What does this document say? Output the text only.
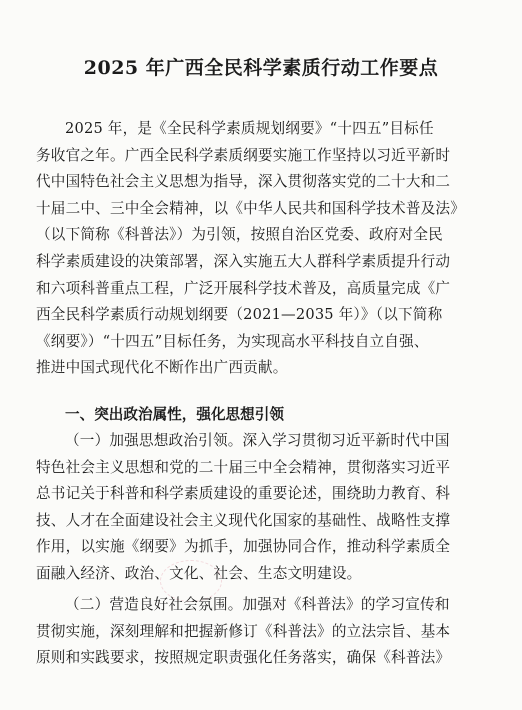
2025 年广西全民科学素质行动工作要点
2025 年，是《全民科学素质规划纲要》“十四五”目标任
务收官之年。广西全民科学素质纲要实施工作坚持以习近平新时
代中国特色社会主义思想为指导，深入贯彻落实党的二十大和二
十届二中、三中全会精神，以《中华人民共和国科学技术普及法》
（以下简称《科普法》）为引领，按照自治区党委、政府对全民
科学素质建设的决策部署，深入实施五大人群科学素质提升行动
和六项科普重点工程，广泛开展科学技术普及，高质量完成《广
西全民科学素质行动规划纲要（2021—2035 年）》（以下简称
《纲要》）“十四五”目标任务，为实现高水平科技自立自强、
推进中国式现代化不断作出广西贡献。
一、突出政治属性，强化思想引领
（一）加强思想政治引领。深入学习贯彻习近平新时代中国
特色社会主义思想和党的二十届三中全会精神，贯彻落实习近平
总书记关于科普和科学素质建设的重要论述，围绕助力教育、科
技、人才在全面建设社会主义现代化国家的基础性、战略性支撑
作用，以实施《纲要》为抓手，加强协同合作，推动科学素质全
面融入经济、政治、文化、社会、生态文明建设。
（二）营造良好社会氛围。加强对《科普法》的学习宣传和
贯彻实施，深刻理解和把握新修订《科普法》的立法宗旨、基本
原则和实践要求，按照规定职责强化任务落实，确保《科普法》
